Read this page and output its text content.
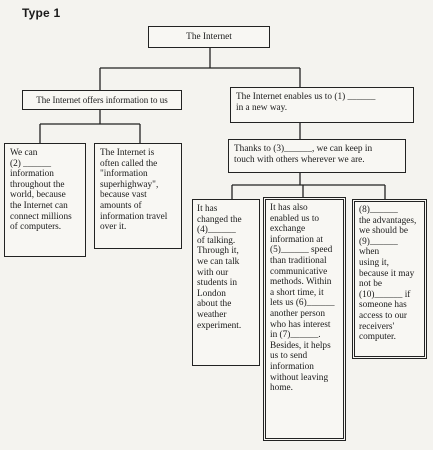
Type 1
The Internet
The Internet offers information to us	The Internet enables us to (1) ______
in a new way.
We can
(2) ______
information
throughout the
world, because
the Internet can
connect millions
of computers.
The Internet is
often called the
"information
superhighway",
because vast
amounts of
information travel
over it.
Thanks to (3)______, we can keep in
touch with others wherever we are.
It has
changed the
(4)______
of talking.
Through it,
we can talk
with our
students in
London
about the
weather
experiment.
It has also
enabled us to
exchange
information at
(5)______ speed
than traditional
communicative
methods. Within
a short time, it
lets us (6)______
another person
who has interest
in (7)______.
Besides, it helps
us to send
information
without leaving
home.
(8)______
the advantages,
we should be
(9)______ when
using it,
because it may
not be
(10)______ if
someone has
access to our
receivers'
computer.
